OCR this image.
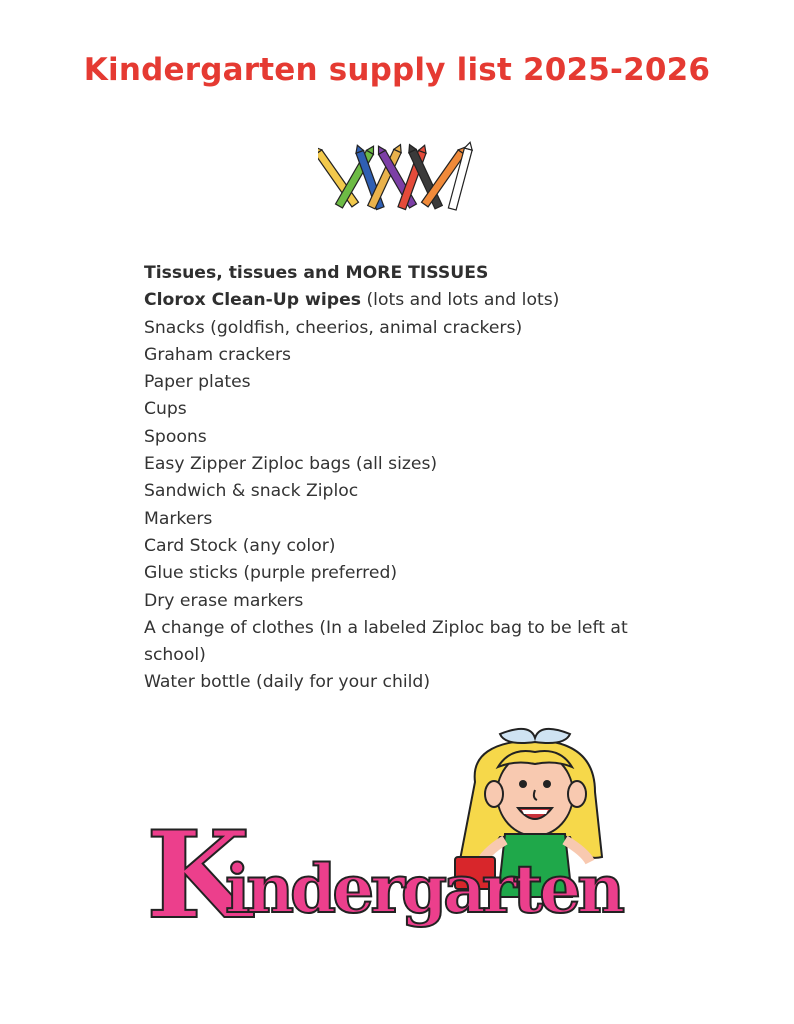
Kindergarten supply list 2025-2026
Tissues, tissues and MORE TISSUES
Clorox Clean-Up wipes (lots and lots and lots)
Snacks (goldfish, cheerios, animal crackers)
Graham crackers
Paper plates
Cups
Spoons
Easy Zipper Ziploc bags (all sizes)
Sandwich & snack Ziploc
Markers
Card Stock (any color)
Glue sticks (purple preferred)
Dry erase markers
A change of clothes (In a labeled Ziploc bag to be left at school)
Water bottle (daily for your child)
K
indergarten
